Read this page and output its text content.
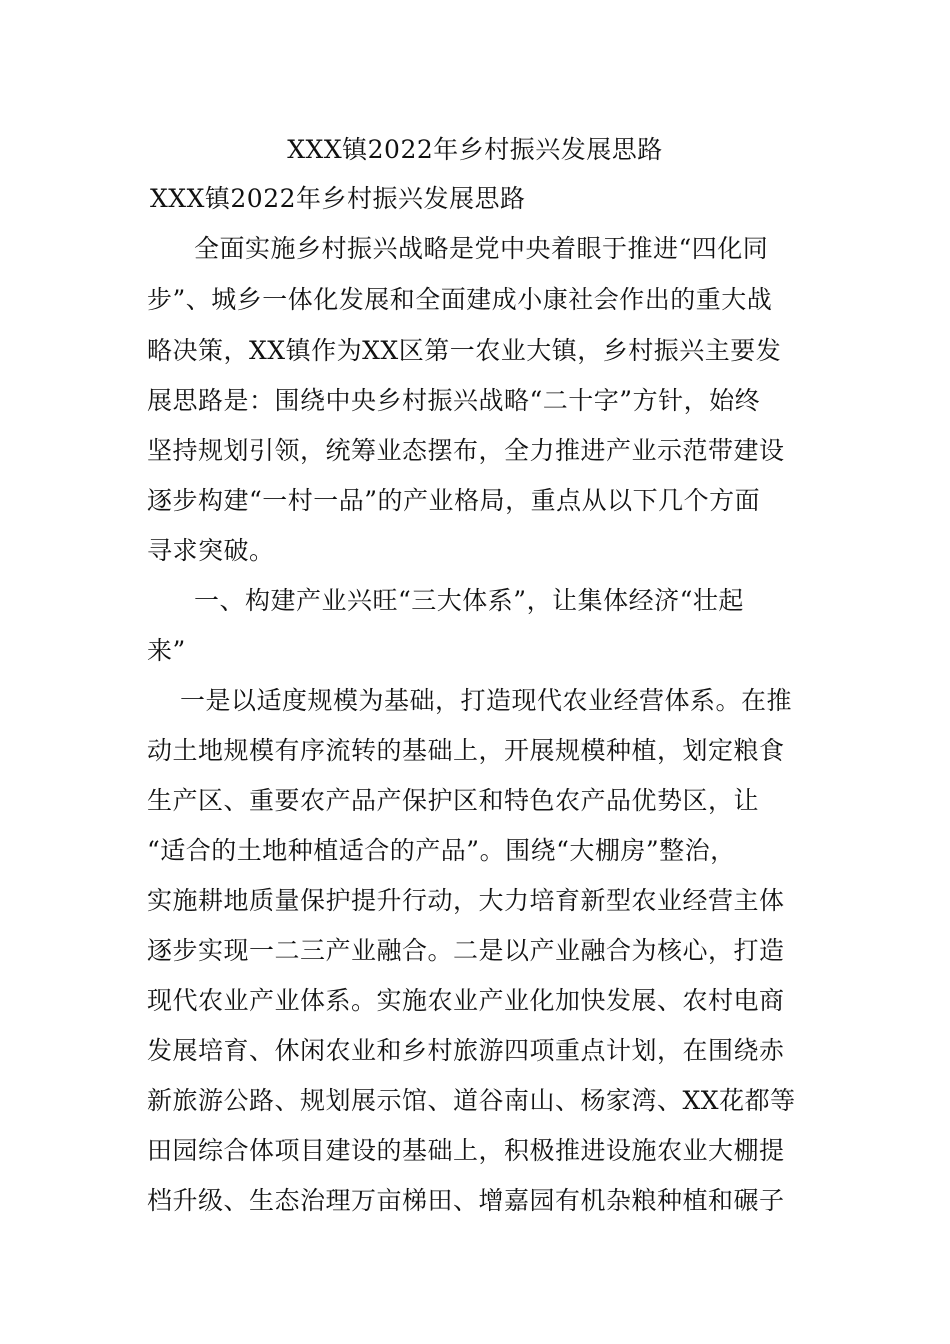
XXX镇2022年乡村振兴发展思路
XXX镇2022年乡村振兴发展思路
全面实施乡村振兴战略是党中央着眼于推进“四化同
步”、城乡一体化发展和全面建成小康社会作出的重大战
略决策，XX镇作为XX区第一农业大镇，乡村振兴主要发
展思路是：围绕中央乡村振兴战略“二十字”方针，始终
坚持规划引领，统筹业态摆布，全力推进产业示范带建设
逐步构建“一村一品”的产业格局，重点从以下几个方面
寻求突破。
一、构建产业兴旺“三大体系”，让集体经济“壮起
来”
一是以适度规模为基础，打造现代农业经营体系。在推
动土地规模有序流转的基础上，开展规模种植，划定粮食
生产区、重要农产品产保护区和特色农产品优势区，让
“适合的土地种植适合的产品”。围绕“大棚房”整治，
实施耕地质量保护提升行动，大力培育新型农业经营主体
逐步实现一二三产业融合。二是以产业融合为核心，打造
现代农业产业体系。实施农业产业化加快发展、农村电商
发展培育、休闲农业和乡村旅游四项重点计划，在围绕赤
新旅游公路、规划展示馆、道谷南山、杨家湾、XX花都等
田园综合体项目建设的基础上，积极推进设施农业大棚提
档升级、生态治理万亩梯田、增嘉园有机杂粮种植和碾子
